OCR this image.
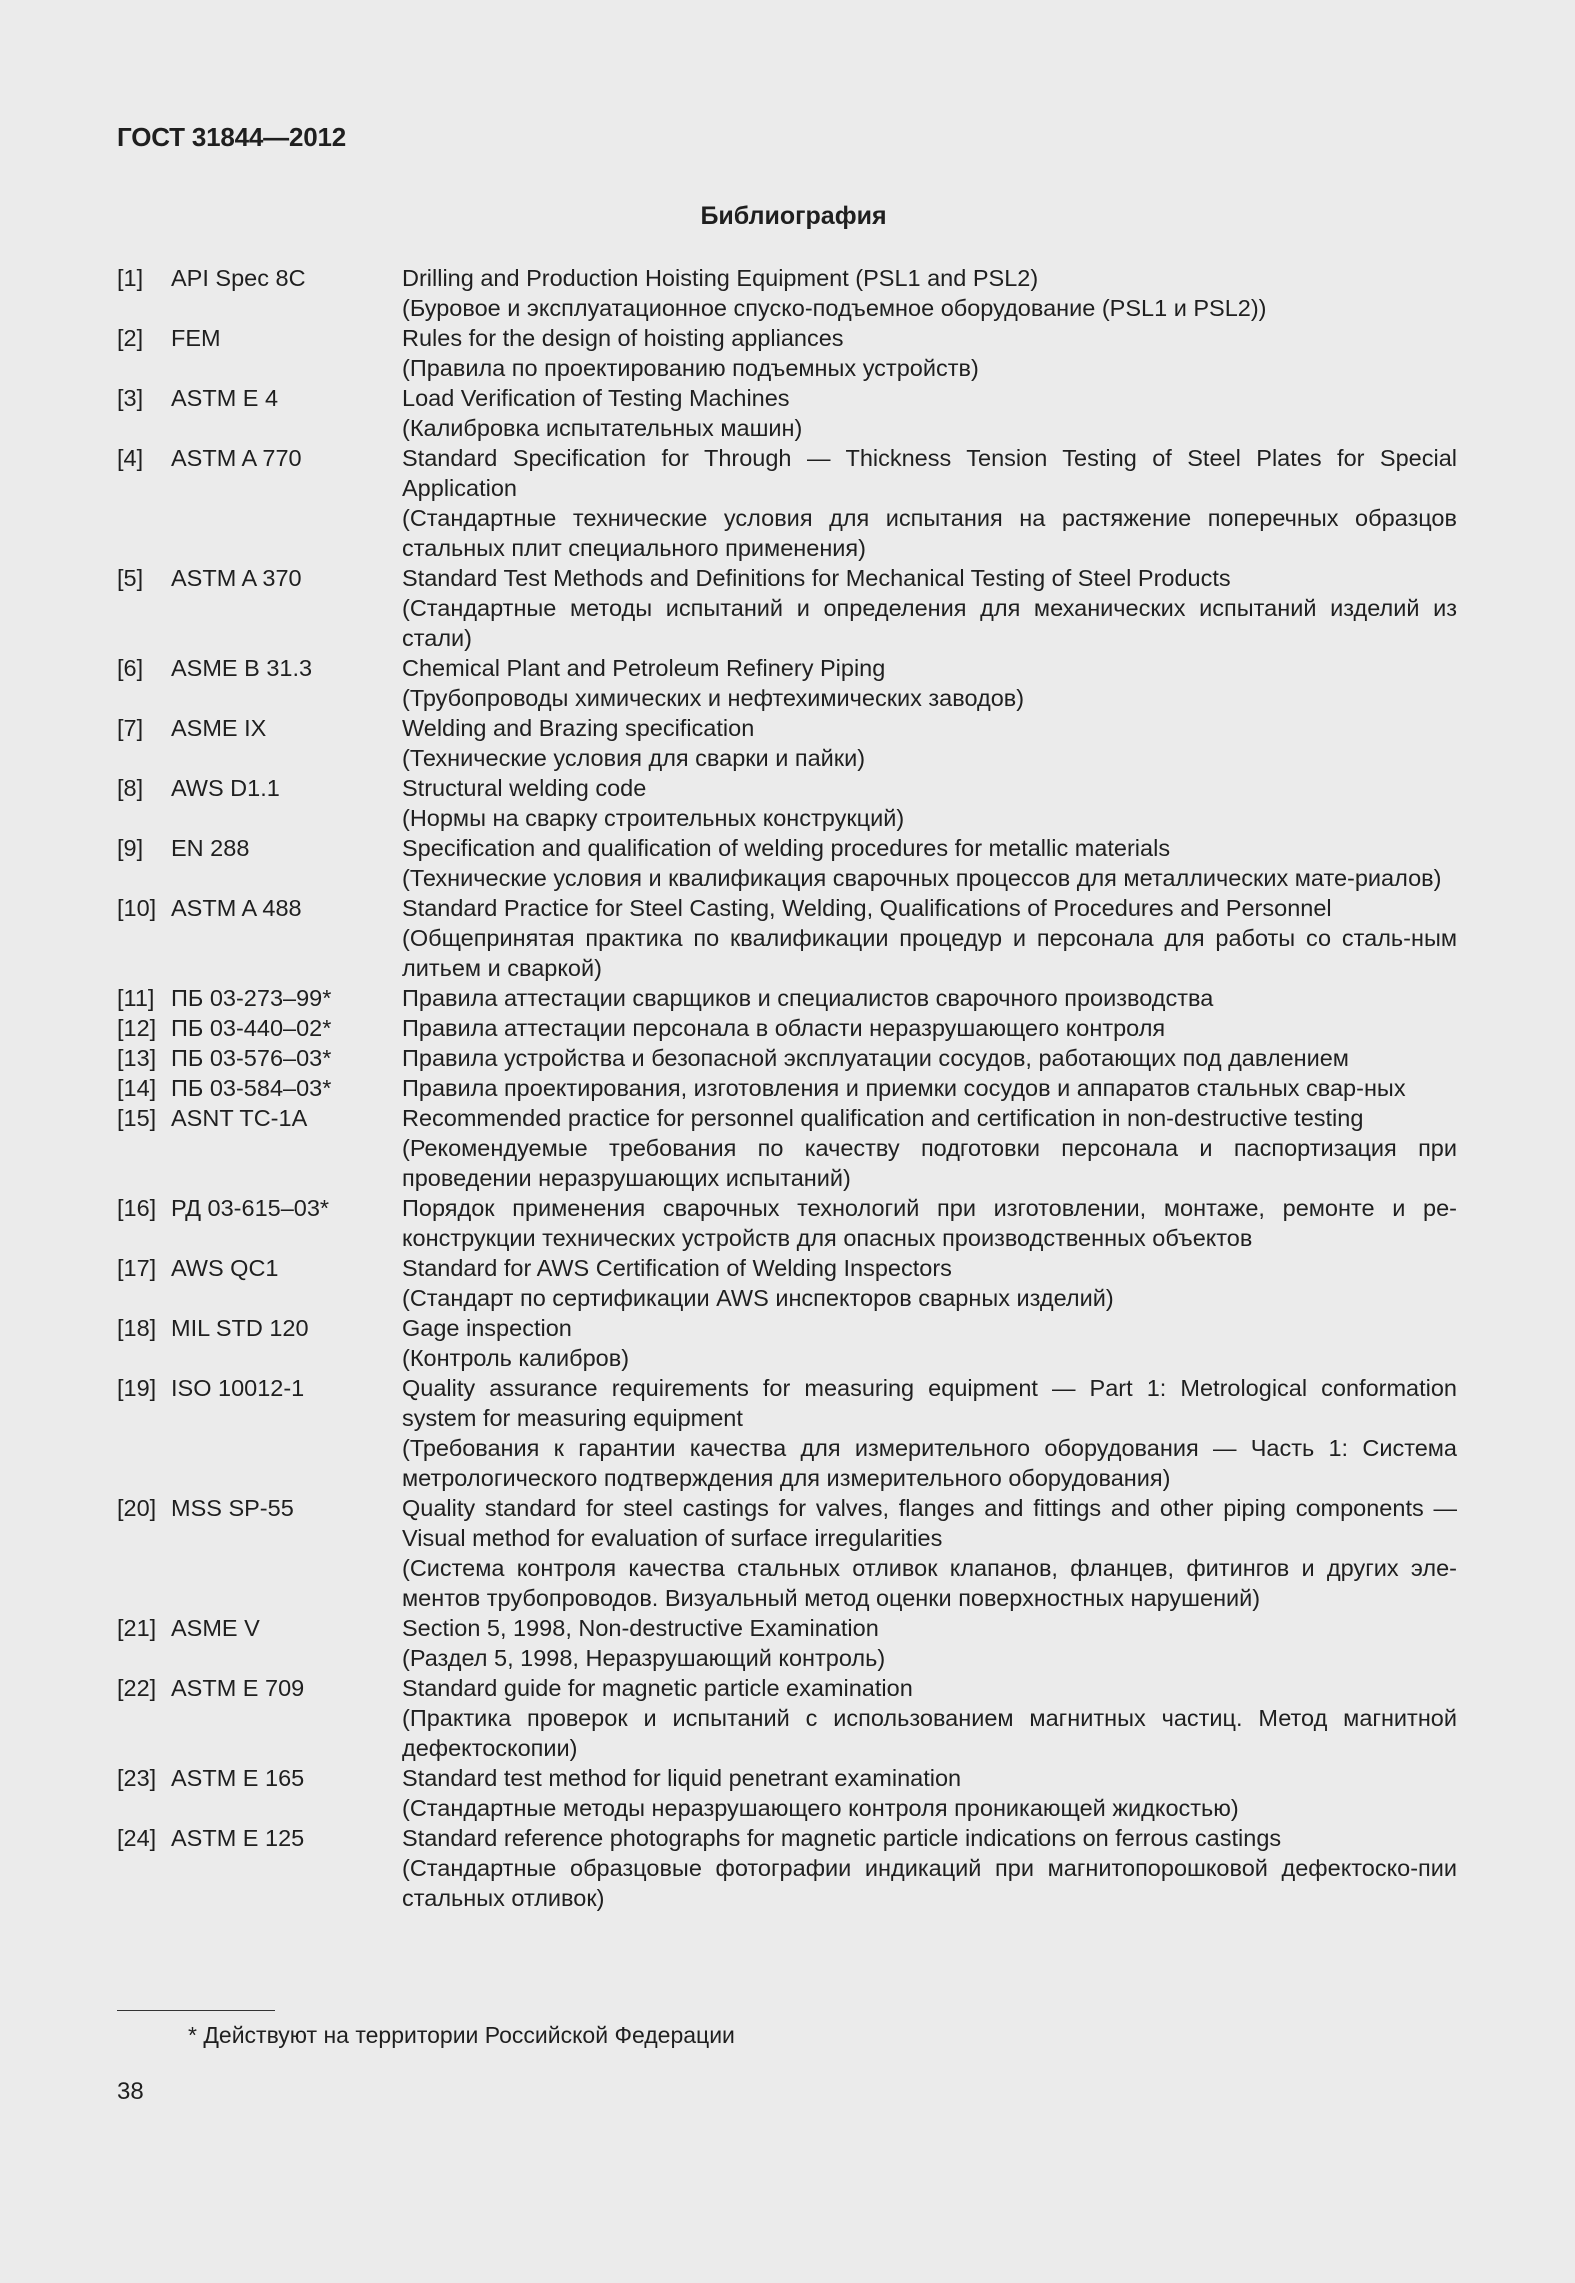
ГОСТ 31844—2012
Библиография
[1]	API Spec 8C	Drilling and Production Hoisting Equipment (PSL1 and PSL2)
(Буровое и эксплуатационное спуско-подъемное оборудование (PSL1 и PSL2))
[2]	FEM	Rules for the design of hoisting appliances
(Правила по проектированию подъемных устройств)
[3]	ASTM E 4	Load Verification of Testing Machines
(Калибровка испытательных машин)
[4]	ASTM A 770	Standard Specification for Through — Thickness Tension Testing of Steel Plates for Special Application
(Стандартные технические условия для испытания на растяжение поперечных образцов стальных плит специального применения)
[5]	ASTM A 370	Standard Test Methods and Definitions for Mechanical Testing of Steel Products
(Стандартные методы испытаний и определения для механических испытаний изделий из стали)
[6]	ASME B 31.3	Chemical Plant and Petroleum Refinery Piping
(Трубопроводы химических и нефтехимических заводов)
[7]	ASME IX	Welding and Brazing specification
(Технические условия для сварки и пайки)
[8]	AWS D1.1	Structural welding code
(Нормы на сварку строительных конструкций)
[9]	EN 288	Specification and qualification of welding procedures for metallic materials
(Технические условия и квалификация сварочных процессов для металлических мате-риалов)
[10] ASTM A 488	Standard Practice for Steel Casting, Welding, Qualifications of Procedures and Personnel
(Общепринятая практика по квалификации процедур и персонала для работы со сталь-ным литьем и сваркой)
[11] ПБ 03-273–99*	Правила аттестации сварщиков и специалистов сварочного производства
[12] ПБ 03-440–02*	Правила аттестации персонала в области неразрушающего контроля
[13] ПБ 03-576–03*	Правила устройства и безопасной эксплуатации сосудов, работающих под давлением
[14] ПБ 03-584–03*	Правила проектирования, изготовления и приемки сосудов и аппаратов стальных свар-ных
[15] ASNT TC-1A	Recommended practice for personnel qualification and certification in non-destructive testing
(Рекомендуемые требования по качеству подготовки персонала и паспортизация при проведении неразрушающих испытаний)
[16] РД 03-615–03*	Порядок применения сварочных технологий при изготовлении, монтаже, ремонте и ре-конструкции технических устройств для опасных производственных объектов
[17] AWS QC1	Standard for AWS Certification of Welding Inspectors
(Стандарт по сертификации AWS инспекторов сварных изделий)
[18] MIL STD 120	Gage inspection
(Контроль калибров)
[19] ISO 10012-1	Quality assurance requirements for measuring equipment — Part 1: Metrological conformation system for measuring equipment
(Требования к гарантии качества для измерительного оборудования — Часть 1: Система метрологического подтверждения для измерительного оборудования)
[20] MSS SP-55	Quality standard for steel castings for valves, flanges and fittings and other piping components — Visual method for evaluation of surface irregularities
(Система контроля качества стальных отливок клапанов, фланцев, фитингов и других эле-ментов трубопроводов. Визуальный метод оценки поверхностных нарушений)
[21] ASME V	Section 5, 1998, Non-destructive Examination
(Раздел 5, 1998, Неразрушающий контроль)
[22] ASTM E 709	Standard guide for magnetic particle examination
(Практика проверок и испытаний с использованием магнитных частиц. Метод магнитной дефектоскопии)
[23] ASTM E 165	Standard test method for liquid penetrant examination
(Стандартные методы неразрушающего контроля проникающей жидкостью)
[24] ASTM E 125	Standard reference photographs for magnetic particle indications on ferrous castings
(Стандартные образцовые фотографии индикаций при магнитопорошковой дефектоско-пии стальных отливок)
* Действуют на территории Российской Федерации
38
